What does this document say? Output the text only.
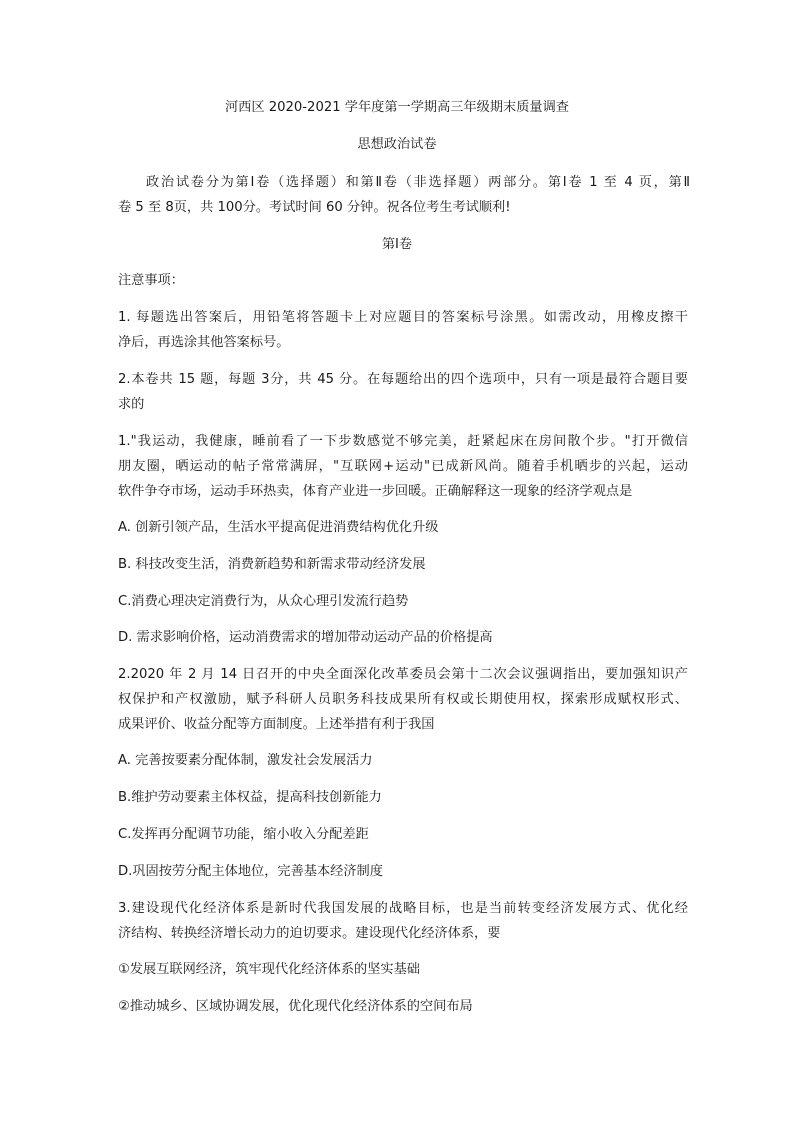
河西区 2020-2021 学年度第一学期高三年级期末质量调查
思想政治试卷
政治试卷分为第Ⅰ卷（选择题）和第Ⅱ卷（非选择题）两部分。第Ⅰ卷 1 至 4 页，第Ⅱ
卷 5 至 8页，共 100分。考试时间 60 分钟。祝各位考生考试顺利!
第Ⅰ卷
注意事项：
1. 每题选出答案后，用铅笔将答题卡上对应题目的答案标号涂黑。如需改动，用橡皮擦干
净后，再选涂其他答案标号。
2.本卷共 15 题，每题 3分，共 45 分。在每题给出的四个选项中，只有一项是最符合题目要
求的
1."我运动，我健康，睡前看了一下步数感觉不够完美，赶紧起床在房间散个步。"打开微信
朋友圈，晒运动的帖子常常满屏，"互联网+运动"已成新风尚。随着手机晒步的兴起，运动
软件争夺市场，运动手环热卖，体育产业进一步回暖。正确解释这一现象的经济学观点是
A. 创新引领产品，生活水平提高促进消费结构优化升级
B. 科技改变生活，消费新趋势和新需求带动经济发展
C.消费心理决定消费行为，从众心理引发流行趋势
D. 需求影响价格，运动消费需求的增加带动运动产品的价格提高
2.2020 年 2 月 14 日召开的中央全面深化改革委员会第十二次会议强调指出，要加强知识产
权保护和产权激励，赋予科研人员职务科技成果所有权或长期使用权，探索形成赋权形式、
成果评价、收益分配等方面制度。上述举措有利于我国
A. 完善按要素分配体制，激发社会发展活力
B.维护劳动要素主体权益，提高科技创新能力
C.发挥再分配调节功能，缩小收入分配差距
D.巩固按劳分配主体地位，完善基本经济制度
3.建设现代化经济体系是新时代我国发展的战略目标，也是当前转变经济发展方式、优化经
济结构、转换经济增长动力的迫切要求。建设现代化经济体系，要
①发展互联网经济，筑牢现代化经济体系的坚实基础
②推动城乡、区域协调发展，优化现代化经济体系的空间布局
